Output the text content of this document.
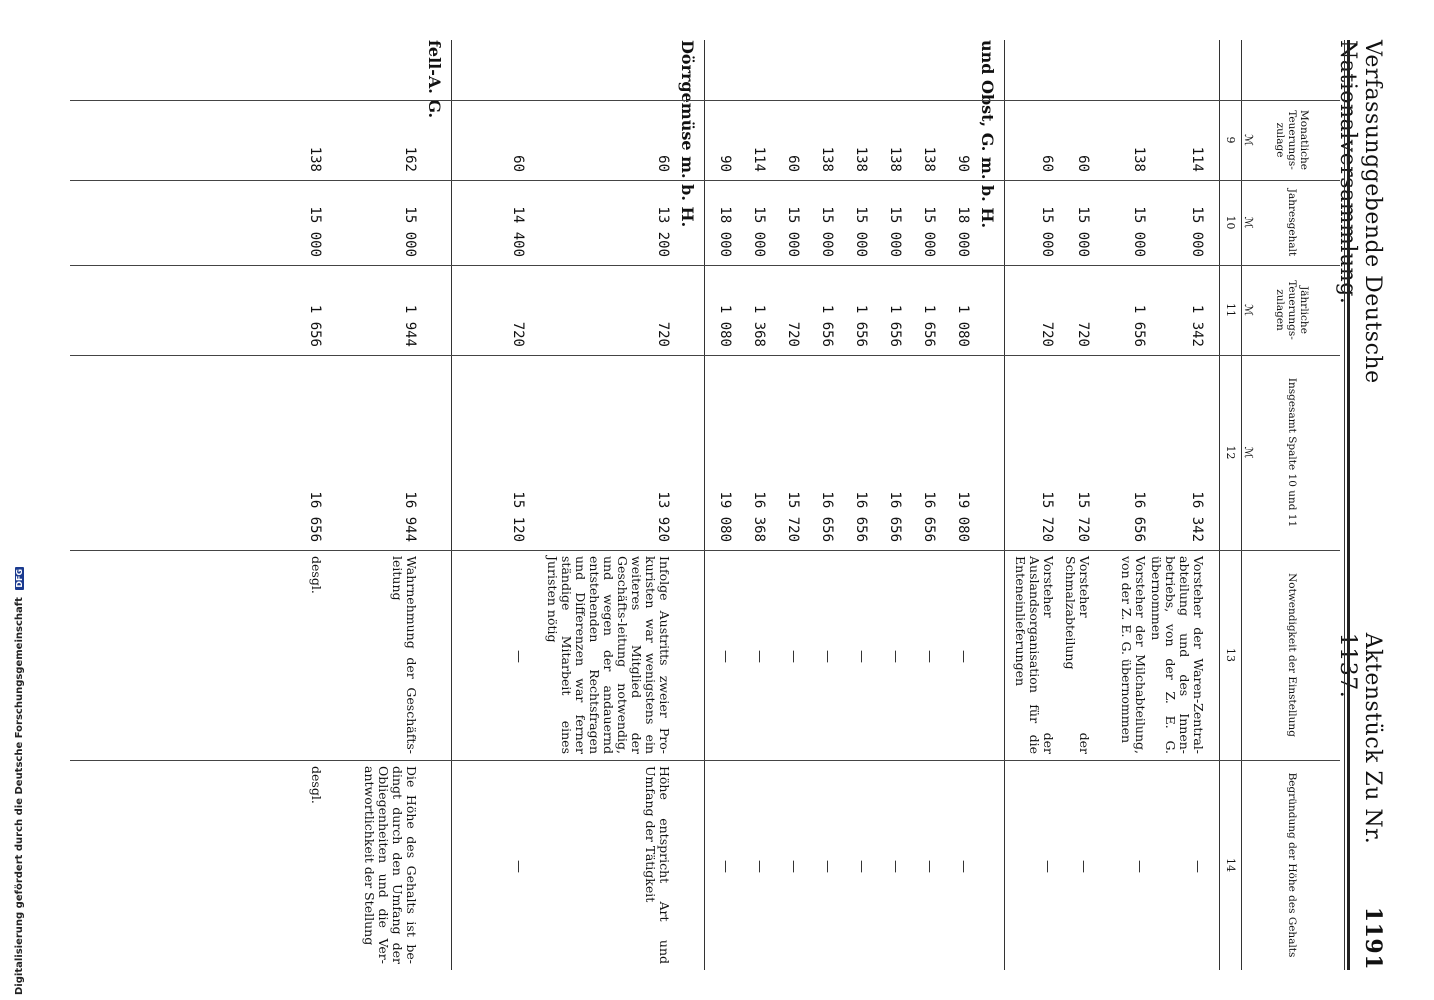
Digitalisierung gefördert durch die Deutsche Forschungsgemeinschaft DFG
Verfassunggebende Deutsche Nationalversammlung.
Aktenstück Zu Nr. 1137.
1191
Monatliche Teuerungs-zulage
9 ℳ
Jahresgehalt
10 ℳ
Jährliche Teuerungs-zulagen
11 ℳ
Insgesamt Spalte 10 und 11
12 ℳ
Notwendigkeit der Einstellung
13
Begründung der Höhe des Gehalts
14
114
15 000
1 342
16 342
Vorsteher der Waren-Zentral-abteilung und des Innen-betriebs, von der Z. E. G. übernommen
—
138
15 000
1 656
16 656
Vorsteher der Milchabteilung, von der Z. E. G. übernommen
—
60
15 000
720
15 720
Vorsteher der Schmalzabteilung
—
60
15 000
720
15 720
Vorsteher der Auslandsorganisation für die Enteneinlieferungen
—
und Obst, G. m. b. H.
90
18 000
1 080
19 080
—
—
138
15 000
1 656
16 656
—
—
138
15 000
1 656
16 656
—
—
138
15 000
1 656
16 656
—
—
138
15 000
1 656
16 656
—
—
60
15 000
720
15 720
—
—
114
15 000
1 368
16 368
—
—
90
18 000
1 080
19 080
—
—
Dörrgemüse m. b. H.
60
13 200
720
13 920
Infolge Austritts zweier Pro-kuristen war wenigstens ein weiteres Mitglied der Geschäfts-leitung notwendig, und wegen der andauernd entstehenden Rechtsfragen und Differenzen war ferner ständige Mitarbeit eines Juristen nötig
Höhe entspricht Art und Umfang der Tätigkeit
60
14 400
720
15 120
—
—
fell-A. G.
162
15 000
1 944
16 944
Wahrnehmung der Geschäfts-leitung
Die Höhe des Gehalts ist be-dingt durch den Umfang der Obliegenheiten und die Ver-antwortlichkeit der Stellung
138
15 000
1 656
16 656
desgl.
desgl.
